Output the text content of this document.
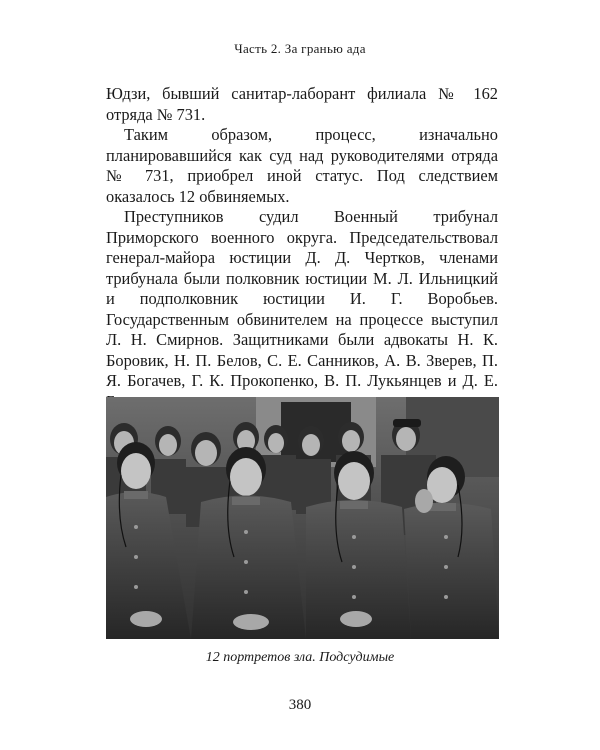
Часть 2. За гранью ада

Юдзи, бывший санитар-лаборант филиала № 162 отряда № 731.

Таким образом, процесс, изначально планировавшийся как суд над руководителями отряда № 731, приобрел иной статус. Под следствием оказалось 12 обвиняемых.

Преступников судил Военный трибунал Приморского военного округа. Председательствовал генерал-майора юстиции Д. Д. Чертков, членами трибунала были полковник юстиции М. Л. Ильницкий и подполковник юстиции И. Г. Воробьев. Государственным обвинителем на процессе выступил Л. Н. Смирнов. Защитниками были адвокаты Н. К. Боровик, Н. П. Белов, С. Е. Санников, А. В. Зверев, П. Я. Богачев, Г. К. Прокопенко, В. П. Лукьянцев и Д. Е.

12 портретов зла. Подсудимые
380
